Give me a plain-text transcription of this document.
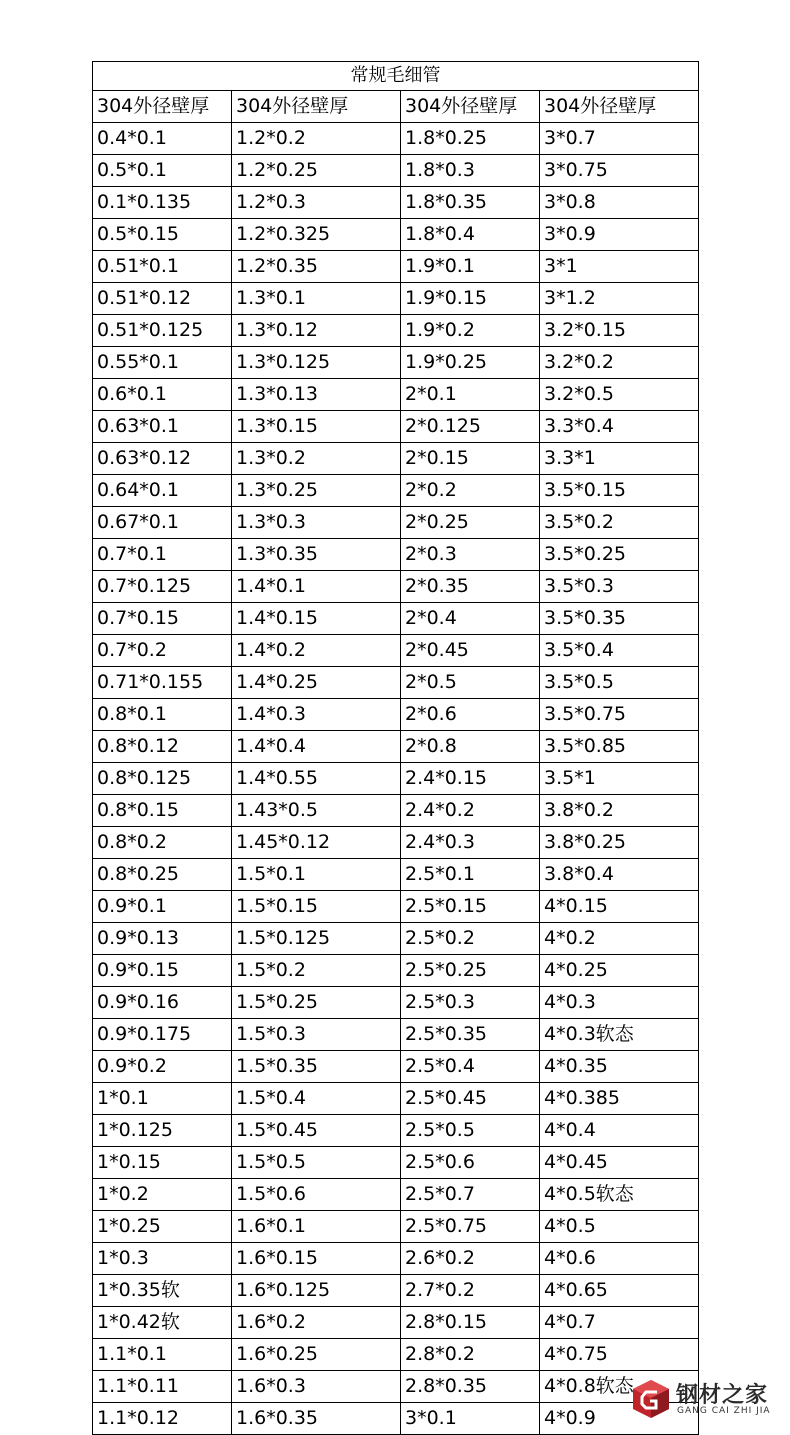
常规毛细管			
304外径壁厚	304外径壁厚	304外径壁厚	304外径壁厚
0.4*0.1	1.2*0.2	1.8*0.25	3*0.7
0.5*0.1	1.2*0.25	1.8*0.3	3*0.75
0.1*0.135	1.2*0.3	1.8*0.35	3*0.8
0.5*0.15	1.2*0.325	1.8*0.4	3*0.9
0.51*0.1	1.2*0.35	1.9*0.1	3*1
0.51*0.12	1.3*0.1	1.9*0.15	3*1.2
0.51*0.125	1.3*0.12	1.9*0.2	3.2*0.15
0.55*0.1	1.3*0.125	1.9*0.25	3.2*0.2
0.6*0.1	1.3*0.13	2*0.1	3.2*0.5
0.63*0.1	1.3*0.15	2*0.125	3.3*0.4
0.63*0.12	1.3*0.2	2*0.15	3.3*1
0.64*0.1	1.3*0.25	2*0.2	3.5*0.15
0.67*0.1	1.3*0.3	2*0.25	3.5*0.2
0.7*0.1	1.3*0.35	2*0.3	3.5*0.25
0.7*0.125	1.4*0.1	2*0.35	3.5*0.3
0.7*0.15	1.4*0.15	2*0.4	3.5*0.35
0.7*0.2	1.4*0.2	2*0.45	3.5*0.4
0.71*0.155	1.4*0.25	2*0.5	3.5*0.5
0.8*0.1	1.4*0.3	2*0.6	3.5*0.75
0.8*0.12	1.4*0.4	2*0.8	3.5*0.85
0.8*0.125	1.4*0.55	2.4*0.15	3.5*1
0.8*0.15	1.43*0.5	2.4*0.2	3.8*0.2
0.8*0.2	1.45*0.12	2.4*0.3	3.8*0.25
0.8*0.25	1.5*0.1	2.5*0.1	3.8*0.4
0.9*0.1	1.5*0.15	2.5*0.15	4*0.15
0.9*0.13	1.5*0.125	2.5*0.2	4*0.2
0.9*0.15	1.5*0.2	2.5*0.25	4*0.25
0.9*0.16	1.5*0.25	2.5*0.3	4*0.3
0.9*0.175	1.5*0.3	2.5*0.35	4*0.3软态
0.9*0.2	1.5*0.35	2.5*0.4	4*0.35
1*0.1	1.5*0.4	2.5*0.45	4*0.385
1*0.125	1.5*0.45	2.5*0.5	4*0.4
1*0.15	1.5*0.5	2.5*0.6	4*0.45
1*0.2	1.5*0.6	2.5*0.7	4*0.5软态
1*0.25	1.6*0.1	2.5*0.75	4*0.5
1*0.3	1.6*0.15	2.6*0.2	4*0.6
1*0.35软	1.6*0.125	2.7*0.2	4*0.65
1*0.42软	1.6*0.2	2.8*0.15	4*0.7
1.1*0.1	1.6*0.25	2.8*0.2	4*0.75
1.1*0.11	1.6*0.3	2.8*0.35	4*0.8软态
1.1*0.12	1.6*0.35	3*0.1	4*0.9
钢材之家
GANG CAI ZHI JIA
